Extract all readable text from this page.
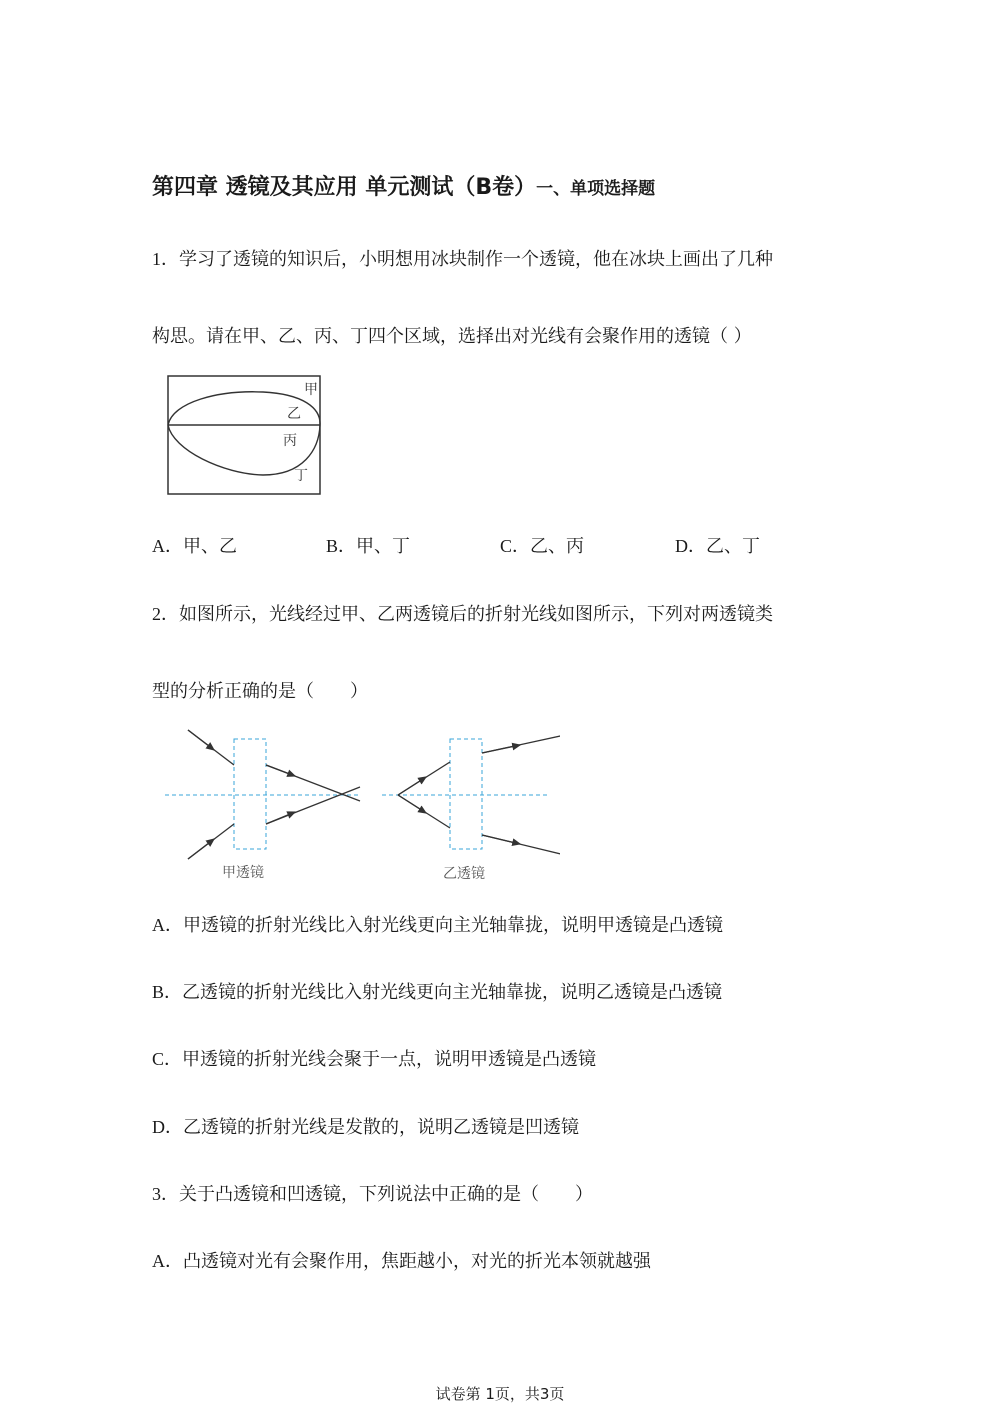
第四章 透镜及其应用 单元测试（B卷）一、单项选择题
1．学习了透镜的知识后，小明想用冰块制作一个透镜，他在冰块上画出了几种
构思。请在甲、乙、丙、丁四个区域，选择出对光线有会聚作用的透镜（ ）
甲
乙
丙
丁
A．甲、乙	B．甲、丁	C．乙、丙	D．乙、丁
2．如图所示，光线经过甲、乙两透镜后的折射光线如图所示，下列对两透镜类
型的分析正确的是（　　）
甲透镜	乙透镜
A．甲透镜的折射光线比入射光线更向主光轴靠拢，说明甲透镜是凸透镜
B．乙透镜的折射光线比入射光线更向主光轴靠拢，说明乙透镜是凸透镜
C．甲透镜的折射光线会聚于一点，说明甲透镜是凸透镜
D．乙透镜的折射光线是发散的，说明乙透镜是凹透镜
3．关于凸透镜和凹透镜，下列说法中正确的是（　　）
A．凸透镜对光有会聚作用，焦距越小，对光的折光本领就越强
试卷第 1页，共3页
